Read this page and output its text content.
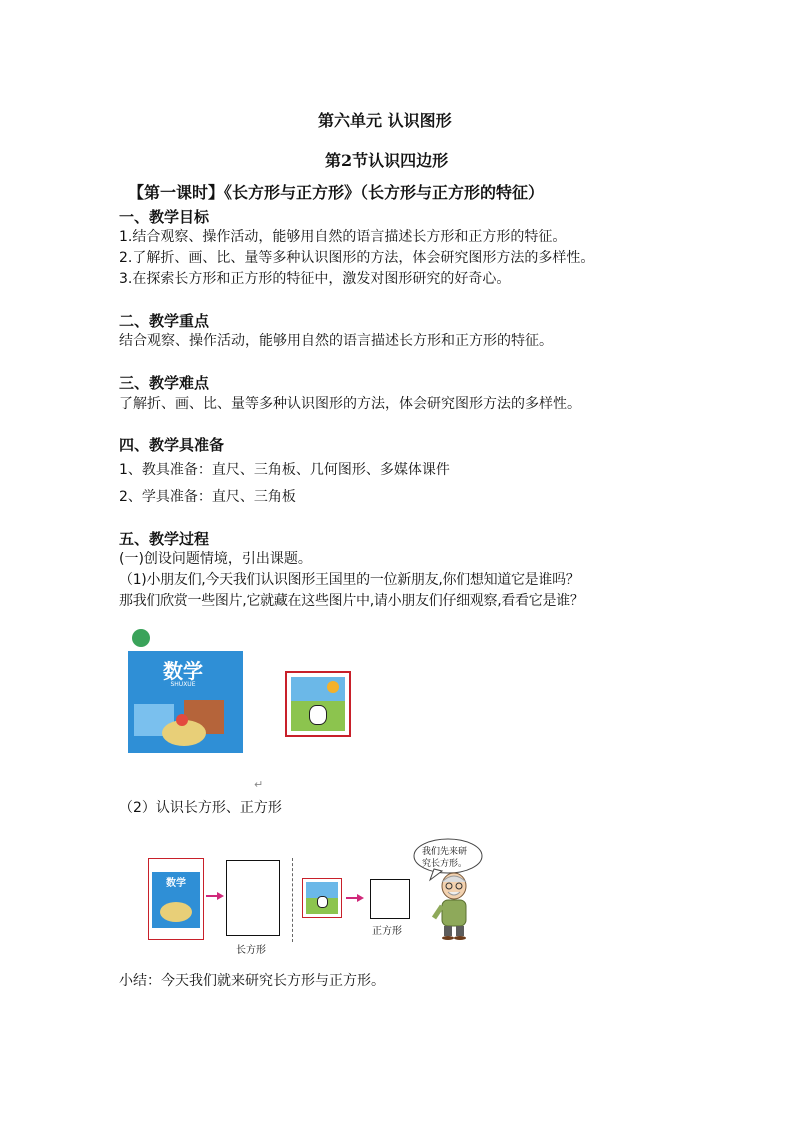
第六单元 认识图形
第2节认识四边形
【第一课时】《长方形与正方形》（长方形与正方形的特征）
一、教学目标
1.结合观察、操作活动，能够用自然的语言描述长方形和正方形的特征。
2.了解折、画、比、量等多种认识图形的方法，体会研究图形方法的多样性。
3.在探索长方形和正方形的特征中，激发对图形研究的好奇心。
二、教学重点
结合观察、操作活动，能够用自然的语言描述长方形和正方形的特征。
三、教学难点
了解折、画、比、量等多种认识图形的方法，体会研究图形方法的多样性。
四、教学具准备
1、教具准备：直尺、三角板、几何图形、多媒体课件
2、学具准备：直尺、三角板
五、教学过程
(一)创设问题情境，引出课题。
（1)小朋友们,今天我们认识图形王国里的一位新朋友,你们想知道它是谁吗？
那我们欣赏一些图片,它就藏在这些图片中,请小朋友们仔细观察,看看它是谁？
数学
SHUXUE
↵
（2）认识长方形、正方形
数学
长方形
正方形
我们先来研
究长方形。
小结：今天我们就来研究长方形与正方形。
